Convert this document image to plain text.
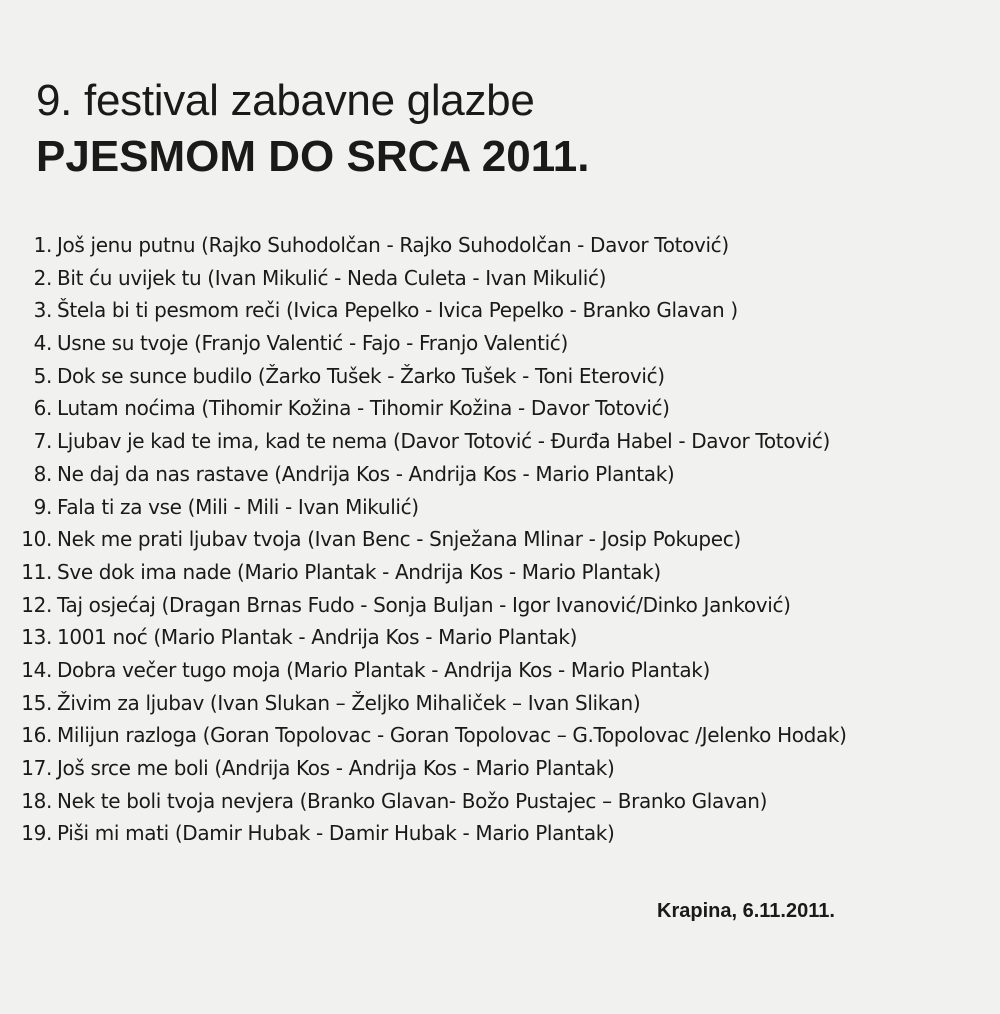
9. festival zabavne glazbe
PJESMOM DO SRCA 2011.
1. Još jenu putnu (Rajko Suhodolčan - Rajko Suhodolčan - Davor Totović)
2. Bit ću uvijek tu (Ivan Mikulić - Neda Culeta - Ivan Mikulić)
3. Štela bi ti pesmom reči (Ivica Pepelko - Ivica Pepelko - Branko Glavan )
4. Usne su tvoje (Franjo Valentić - Fajo - Franjo Valentić)
5. Dok se sunce budilo (Žarko Tušek - Žarko Tušek - Toni Eterović)
6. Lutam noćima (Tihomir Kožina - Tihomir Kožina - Davor Totović)
7. Ljubav je kad te ima, kad te nema (Davor Totović - Đurđa Habel - Davor Totović)
8. Ne daj da nas rastave (Andrija Kos - Andrija Kos - Mario Plantak)
9. Fala ti za vse (Mili - Mili - Ivan Mikulić)
10. Nek me prati ljubav tvoja (Ivan Benc - Snježana Mlinar - Josip Pokupec)
11. Sve dok ima nade (Mario Plantak - Andrija Kos - Mario Plantak)
12. Taj osjećaj (Dragan Brnas Fudo - Sonja Buljan - Igor Ivanović/Dinko Janković)
13. 1001 noć (Mario Plantak - Andrija Kos - Mario Plantak)
14. Dobra večer tugo moja (Mario Plantak - Andrija Kos - Mario Plantak)
15. Živim za ljubav (Ivan Slukan – Željko Mihaliček – Ivan Slikan)
16. Milijun razloga (Goran Topolovac - Goran Topolovac – G.Topolovac /Jelenko Hodak)
17. Još srce me boli (Andrija Kos - Andrija Kos - Mario Plantak)
18. Nek te boli tvoja nevjera (Branko Glavan- Božo Pustajec – Branko Glavan)
19. Piši mi mati (Damir Hubak - Damir Hubak - Mario Plantak)
Krapina, 6.11.2011.
